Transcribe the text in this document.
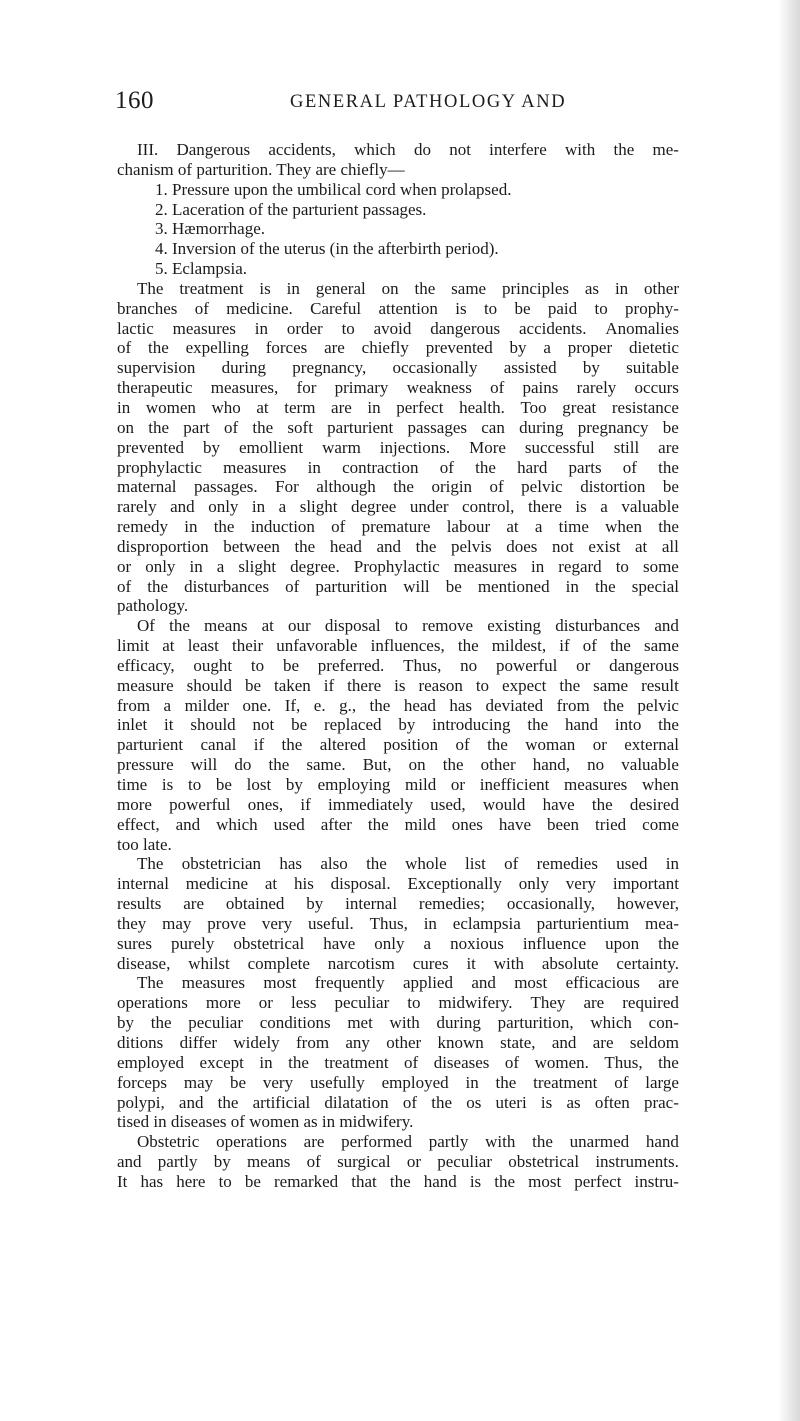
160	GENERAL PATHOLOGY AND
III. Dangerous accidents, which do not interfere with the me-
chanism of parturition. They are chiefly—
1. Pressure upon the umbilical cord when prolapsed.
2. Laceration of the parturient passages.
3. Hæmorrhage.
4. Inversion of the uterus (in the afterbirth period).
5. Eclampsia.
The treatment is in general on the same principles as in other
branches of medicine. Careful attention is to be paid to prophy-
lactic measures in order to avoid dangerous accidents. Anomalies
of the expelling forces are chiefly prevented by a proper dietetic
supervision during pregnancy, occasionally assisted by suitable
therapeutic measures, for primary weakness of pains rarely occurs
in women who at term are in perfect health. Too great resistance
on the part of the soft parturient passages can during pregnancy be
prevented by emollient warm injections. More successful still are
prophylactic measures in contraction of the hard parts of the
maternal passages. For although the origin of pelvic distortion be
rarely and only in a slight degree under control, there is a valuable
remedy in the induction of premature labour at a time when the
disproportion between the head and the pelvis does not exist at all
or only in a slight degree. Prophylactic measures in regard to some
of the disturbances of parturition will be mentioned in the special
pathology.
Of the means at our disposal to remove existing disturbances and
limit at least their unfavorable influences, the mildest, if of the same
efficacy, ought to be preferred. Thus, no powerful or dangerous
measure should be taken if there is reason to expect the same result
from a milder one. If, e. g., the head has deviated from the pelvic
inlet it should not be replaced by introducing the hand into the
parturient canal if the altered position of the woman or external
pressure will do the same. But, on the other hand, no valuable
time is to be lost by employing mild or inefficient measures when
more powerful ones, if immediately used, would have the desired
effect, and which used after the mild ones have been tried come
too late.
The obstetrician has also the whole list of remedies used in
internal medicine at his disposal. Exceptionally only very important
results are obtained by internal remedies; occasionally, however,
they may prove very useful. Thus, in eclampsia parturientium mea-
sures purely obstetrical have only a noxious influence upon the
disease, whilst complete narcotism cures it with absolute certainty.
The measures most frequently applied and most efficacious are
operations more or less peculiar to midwifery. They are required
by the peculiar conditions met with during parturition, which con-
ditions differ widely from any other known state, and are seldom
employed except in the treatment of diseases of women. Thus, the
forceps may be very usefully employed in the treatment of large
polypi, and the artificial dilatation of the os uteri is as often prac-
tised in diseases of women as in midwifery.
Obstetric operations are performed partly with the unarmed hand
and partly by means of surgical or peculiar obstetrical instruments.
It has here to be remarked that the hand is the most perfect instru-
